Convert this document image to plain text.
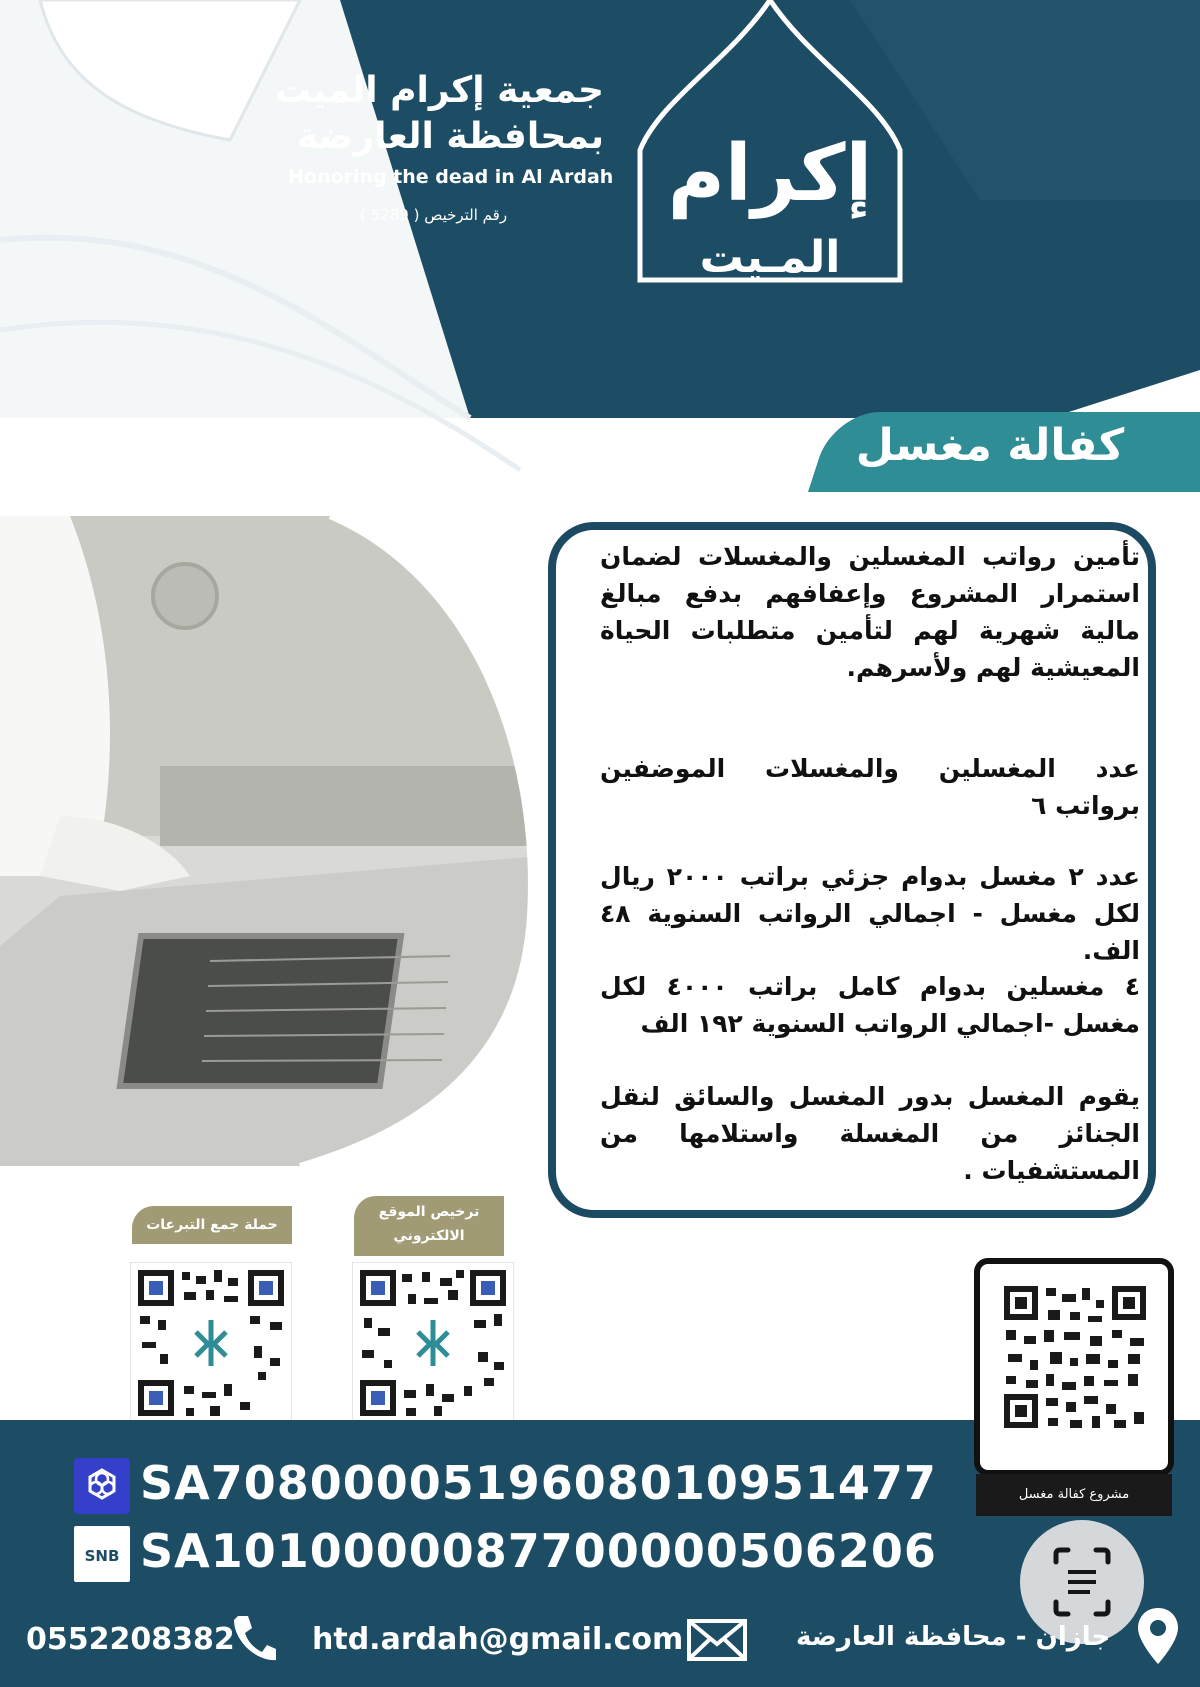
إكرام
المـيت
جمعية إكرام الميت
بمحافظة العارضة
Honoring the dead in Al Ardah
رقم الترخيص ( 5289 )
كفالة مغسل
تأمين رواتب المغسلين والمغسلات لضمان استمرار المشروع وإعفافهم بدفع مبالغ مالية شهرية لهم لتأمين متطلبات الحياة المعيشية لهم ولأسرهم.
عدد المغسلين والمغسلات الموضفين برواتب ٦
عدد ٢ مغسل بدوام جزئي براتب ٢٠٠٠ ريال لكل مغسل - اجمالي الرواتب السنوية ٤٨ الف.
٤ مغسلين بدوام كامل براتب ٤٠٠٠ لكل مغسل -اجمالي الرواتب السنوية ١٩٢ الف
يقوم المغسل بدور المغسل والسائق لنقل الجنائز من المغسلة واستلامها من المستشفيات .
حملة جمع التبرعات
ترخيص الموقع الالكتروني
مشروع كفالة مغسل
SA7080000519608010951477
SNB SA1010000087700000506206
0552208382	htd.ardah@gmail.com	جازان - محافظة العارضة
